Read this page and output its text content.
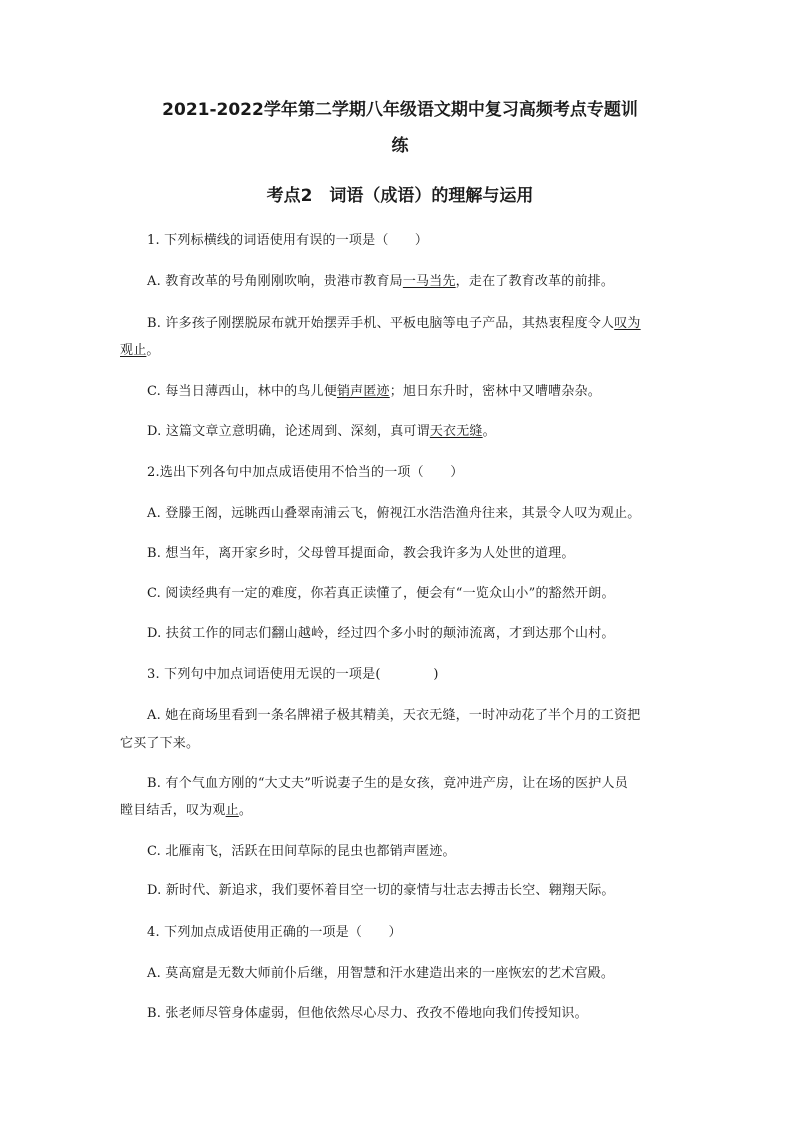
2021-2022学年第二学期八年级语文期中复习高频考点专题训
练
考点2　词语（成语）的理解与运用
1. 下列标横线的词语使用有误的一项是（　　）
A. 教育改革的号角刚刚吹响，贵港市教育局一马当先，走在了教育改革的前排。
B. 许多孩子刚摆脱尿布就开始摆弄手机、平板电脑等电子产品，其热衷程度令人叹为
观止。
C. 每当日薄西山，林中的鸟儿便销声匿迹；旭日东升时，密林中又嘈嘈杂杂。
D. 这篇文章立意明确，论述周到、深刻，真可谓天衣无缝。
2.选出下列各句中加点成语使用不恰当的一项（　　）
A. 登滕王阁，远眺西山叠翠南浦云飞，俯视江水浩浩渔舟往来，其景令人叹为观止。
B. 想当年，离开家乡时，父母曾耳提面命，教会我许多为人处世的道理。
C. 阅读经典有一定的难度，你若真正读懂了，便会有“一览众山小”的豁然开朗。
D. 扶贫工作的同志们翻山越岭，经过四个多小时的颠沛流离，才到达那个山村。
3. 下列句中加点词语使用无误的一项是(　　　　)
A. 她在商场里看到一条名牌裙子极其精美，天衣无缝，一时冲动花了半个月的工资把
它买了下来。
B. 有个气血方刚的“大丈夫”听说妻子生的是女孩，竟冲进产房，让在场的医护人员
瞠目结舌，叹为观止。
C. 北雁南飞，活跃在田间草际的昆虫也都销声匿迹。
D. 新时代、新追求，我们要怀着目空一切的豪情与壮志去搏击长空、翱翔天际。
4. 下列加点成语使用正确的一项是（　　）
A. 莫高窟是无数大师前仆后继，用智慧和汗水建造出来的一座恢宏的艺术宫殿。
B. 张老师尽管身体虚弱，但他依然尽心尽力、孜孜不倦地向我们传授知识。
